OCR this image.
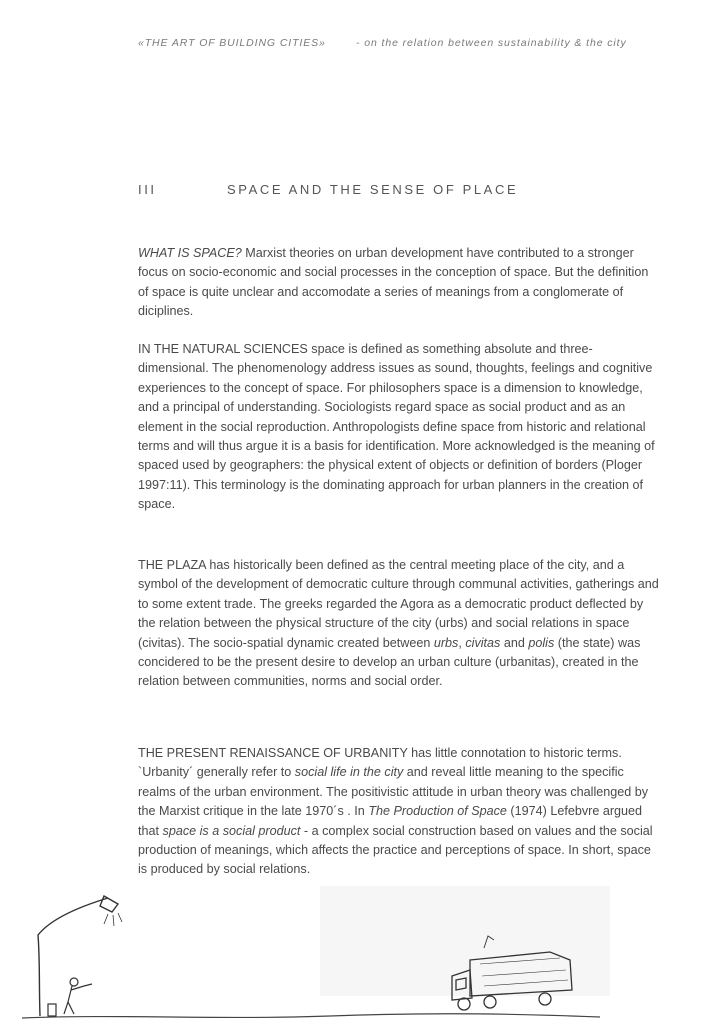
«THE ART OF BUILDING CITIES»	- on the relation between sustainability & the city
III	SPACE AND THE SENSE OF PLACE

WHAT IS SPACE? Marxist theories on urban development have contributed to a stronger focus on socio-economic and social processes in the conception of space. But the definition of space is quite unclear and accomodate a series of meanings from a conglomerate of diciplines.

IN THE NATURAL SCIENCES space is defined as something absolute and three-dimensional. The phenomenology address issues as sound, thoughts, feelings and cognitive experiences to the concept of space. For philosophers space is a dimension to knowledge, and a principal of understanding. Sociologists regard space as social product and as an element in the social reproduction. Anthropologists define space from historic and relational terms and will thus argue it is a basis for identification. More acknowledged is the meaning of spaced used by geographers: the physical extent of objects or definition of borders (Ploger 1997:11). This terminology is the dominating approach for urban planners in the creation of space.

THE PLAZA has historically been defined as the central meeting place of the city, and a symbol of the development of democratic culture through communal activities, gatherings and to some extent trade. The greeks regarded the Agora as a democratic product deflected by the relation between the physical structure of the city (urbs) and social relations in space (civitas). The socio-spatial dynamic created between urbs, civitas and polis (the state) was concidered to be the present desire to develop an urban culture (urbanitas), created in the relation between communities, norms and social order.

THE PRESENT RENAISSANCE OF URBANITY has little connotation to historic terms. `Urbanity´ generally refer to social life in the city and reveal little meaning to the specific realms of the urban environment. The positivistic attitude in urban theory was challenged by the Marxist critique in the late 1970´s . In The Production of Space (1974) Lefebvre argued that space is a social product - a complex social construction based on values and the social production of meanings, which affects the practice and perceptions of space. In short, space is produced by social relations.
